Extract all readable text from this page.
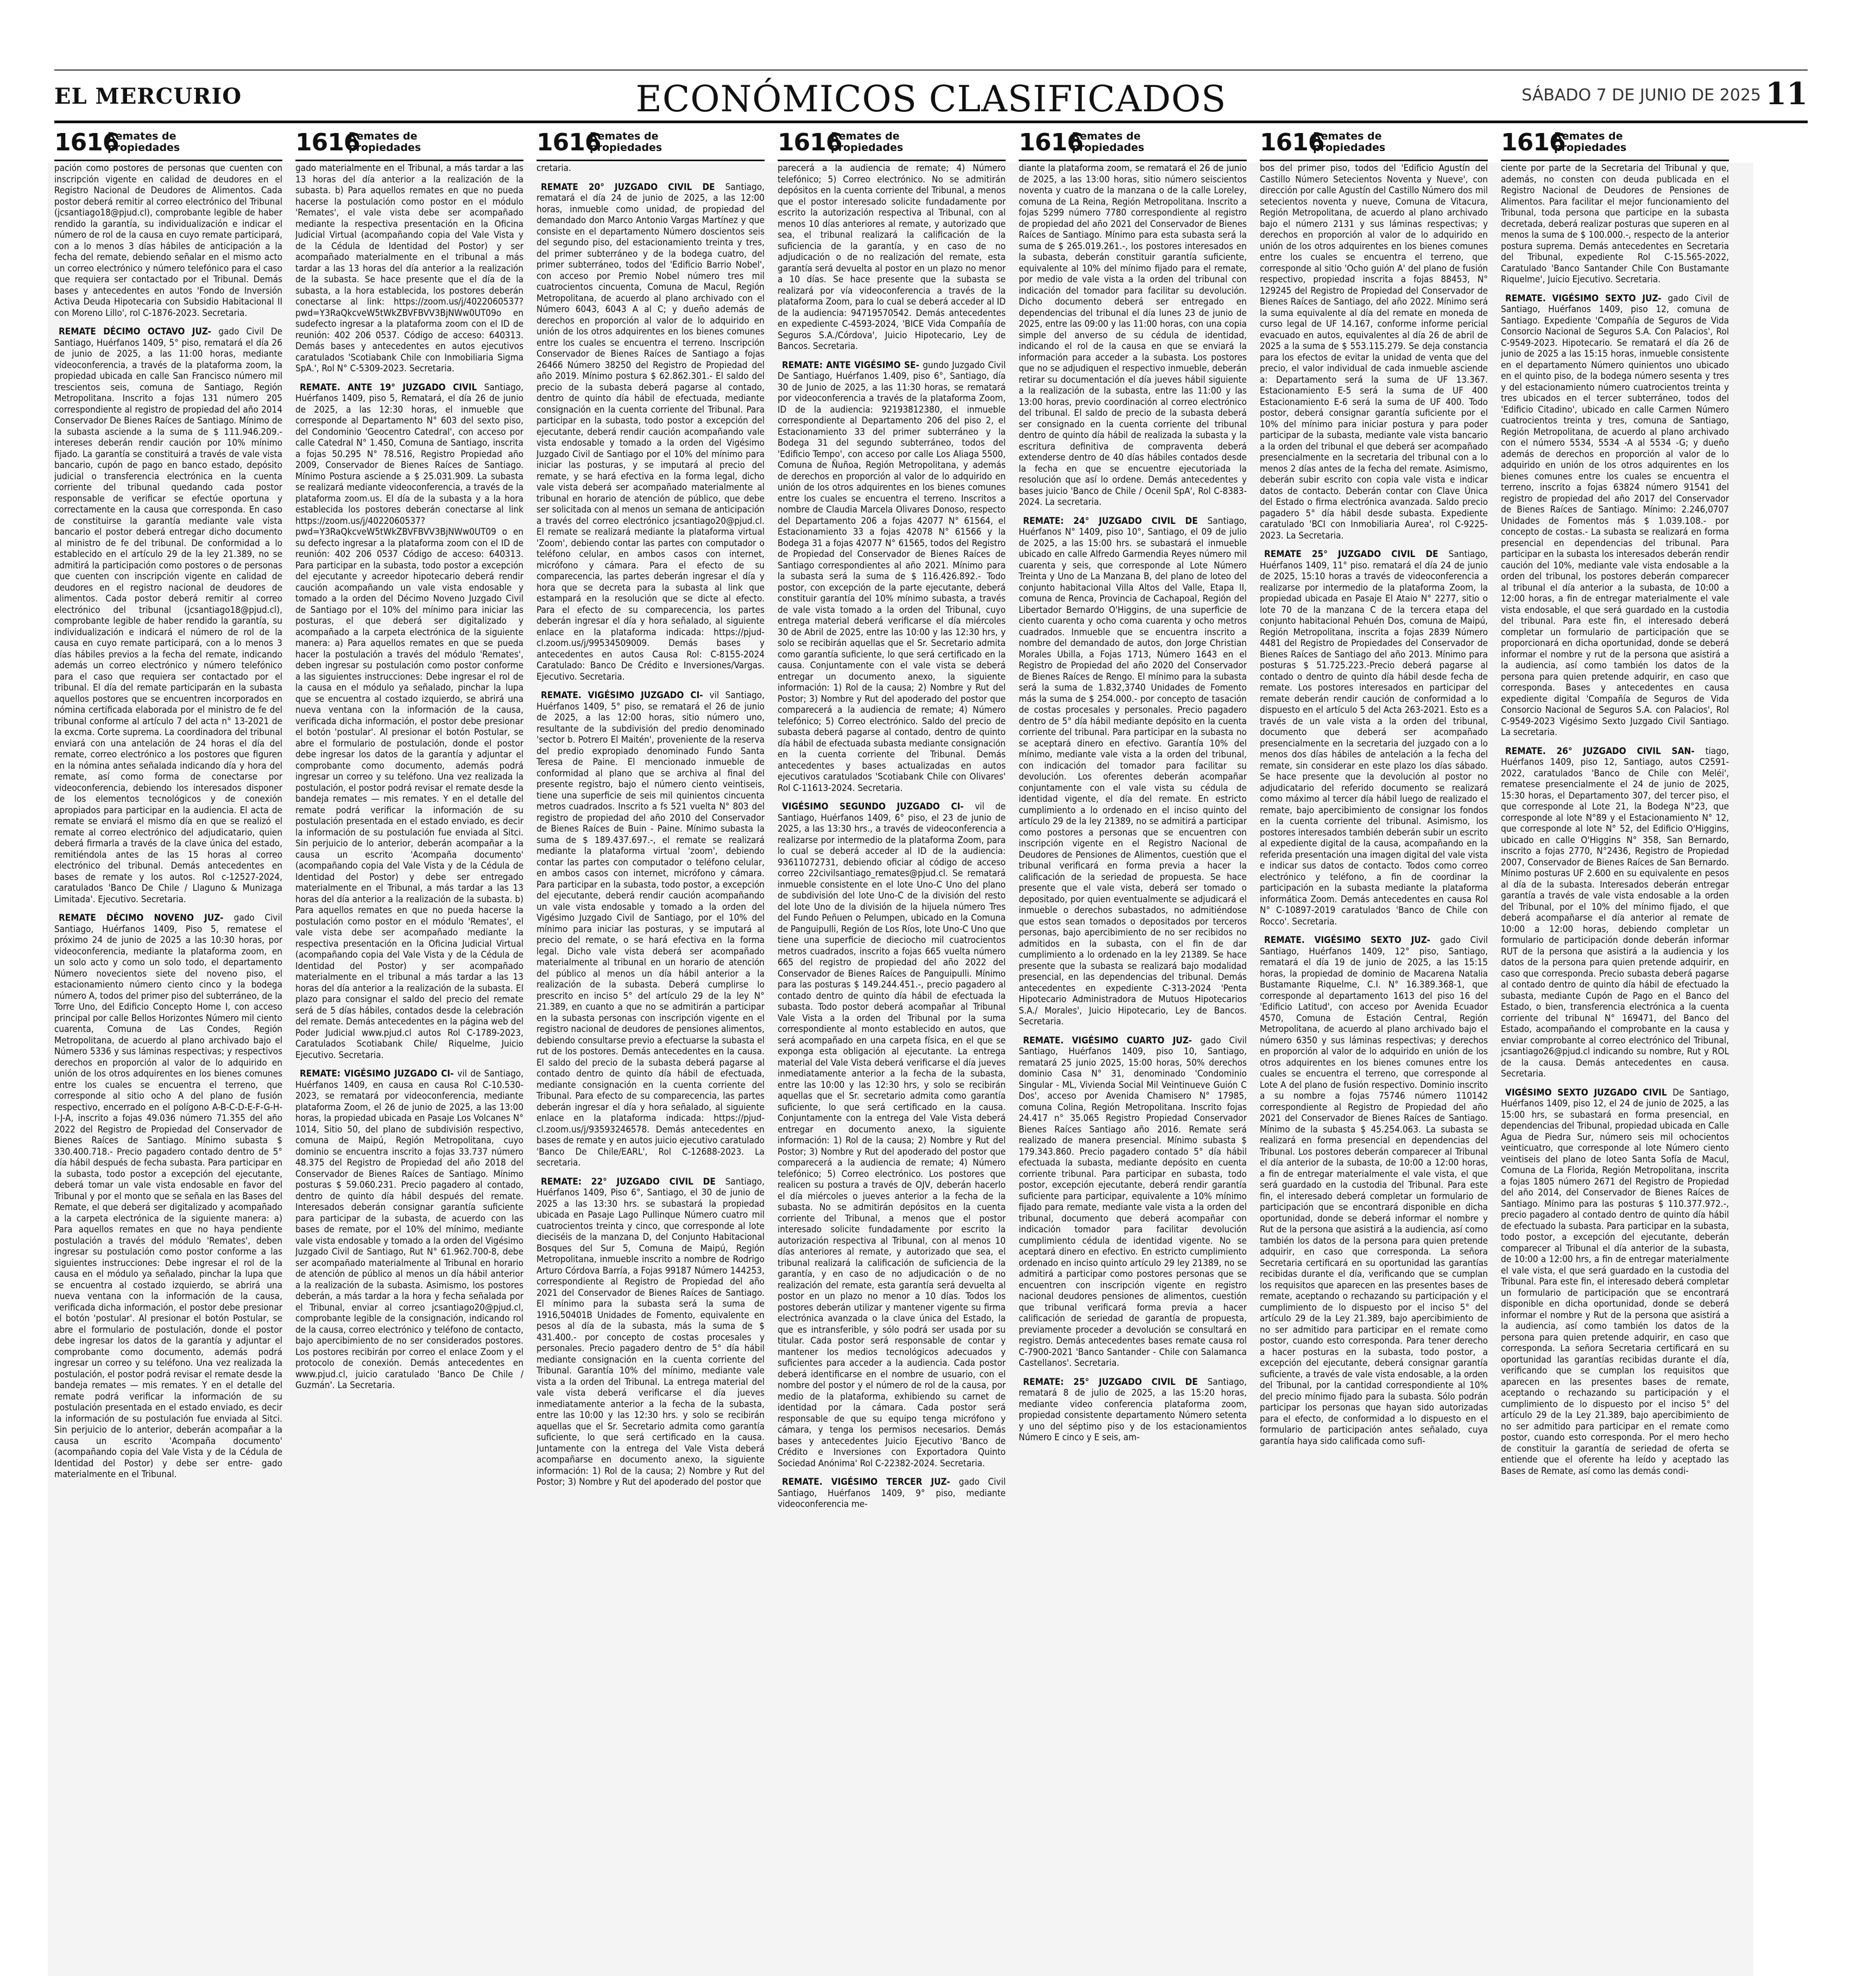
EL MERCURIO	ECONÓMICOS CLASIFICADOS	SÁBADO 7 DE JUNIO DE 2025 11
1616
Remates de
propiedades	1616
Remates de
propiedades	1616
Remates de
propiedades	1616
Remates de
propiedades	1616
Remates de
propiedades	1616
Remates de
propiedades	1616
Remates de
propiedades

pación como postores de personas que cuenten con inscripción vigente en calidad de deudores en el Registro Nacional de Deudores de Alimentos. Cada postor deberá remitir al correo electrónico del Tribunal (jcsantiago18@pjud.cl), comprobante legible de haber rendido la garantía, su individualización e indicar el número de rol de la causa en cuyo remate participará, con a lo menos 3 días hábiles de anticipación a la fecha del remate, debiendo señalar en el mismo acto un correo electrónico y número telefónico para el caso que requiera ser contactado por el Tribunal. Demás bases y antecedentes en autos 'Fondo de Inversión Activa Deuda Hipotecaria con Subsidio Habitacional II con Moreno Lillo', rol C-1876-2023. Secretaria.

REMATE DÉCIMO OCTAVO JUZ- gado Civil De Santiago, Huérfanos 1409, 5° piso, rematará el día 26 de junio de 2025, a las 11:00 horas, mediante videoconferencia, a través de la plataforma zoom, la propiedad ubicada en calle San Francisco número mil trescientos seis, comuna de Santiago, Región Metropolitana. Inscrito a fojas 131 número 205 correspondiente al registro de propiedad del año 2014 Conservador De Bienes Raíces de Santiago. Mínimo de la subasta asciende a la suma de $ 111.946.209.- intereses deberán rendir caución por 10% mínimo fijado. La garantía se constituirá a través de vale vista bancario, cupón de pago en banco estado, depósito judicial o transferencia electrónica en la cuenta corriente del tribunal quedando cada postor responsable de verificar se efectúe oportuna y correctamente en la causa que corresponda. En caso de constituirse la garantía mediante vale vista bancario el postor deberá entregar dicho documento al ministro de fe del tribunal. De conformidad a lo establecido en el artículo 29 de la ley 21.389, no se admitirá la participación como postores o de personas que cuenten con inscripción vigente en calidad de deudores en el registro nacional de deudores de alimentos. Cada postor deberá remitir al correo electrónico del tribunal (jcsantiago18@pjud.cl), comprobante legible de haber rendido la garantía, su individualización e indicará el número de rol de la causa en cuyo remate participará, con a lo menos 3 días hábiles previos a la fecha del remate, indicando además un correo electrónico y número telefónico para el caso que requiera ser contactado por el tribunal. El día del remate participarán en la subasta aquellos postores que se encuentren incorporados en nómina certificada elaborada por el ministro de fe del tribunal conforme al artículo 7 del acta n° 13-2021 de la excma. Corte suprema. La coordinadora del tribunal enviará con una antelación de 24 horas el día del remate, correo electrónico a los postores que figuren en la nómina antes señalada indicando día y hora del remate, así como forma de conectarse por videoconferencia, debiendo los interesados disponer de los elementos tecnológicos y de conexión apropiados para participar en la audiencia. El acta de remate se enviará el mismo día en que se realizó el remate al correo electrónico del adjudicatario, quien deberá firmarla a través de la clave única del estado, remitiéndola antes de las 15 horas al correo electrónico del tribunal. Demás antecedentes en bases de remate y los autos. Rol c-12527-2024, caratulados 'Banco De Chile / Llaguno & Munizaga Limitada'. Ejecutivo. Secretaria.

REMATE DÉCIMO NOVENO JUZ- gado Civil Santiago, Huérfanos 1409, Piso 5, rematese el próximo 24 de junio de 2025 a las 10:30 horas, por videoconferencia, mediante la plataforma zoom, en un solo acto y como un solo todo, el departamento Número novecientos siete del noveno piso, el estacionamiento número ciento cinco y la bodega número A, todos del primer piso del subterráneo, de la Torre Uno, del Edificio Concepto Home I, con acceso principal por calle Bellos Horizontes Número mil ciento cuarenta, Comuna de Las Condes, Región Metropolitana, de acuerdo al plano archivado bajo el Número 5336 y sus láminas respectivas; y respectivos derechos en proporción al valor de lo adquirido en unión de los otros adquirentes en los bienes comunes entre los cuales se encuentra el terreno, que corresponde al sitio ocho A del plano de fusión respectivo, encerrado en el polígono A-B-C-D-E-F-G-H-I-J-A, inscrito a fojas 49.036 número 71.355 del año 2022 del Registro de Propiedad del Conservador de Bienes Raíces de Santiago. Mínimo subasta $ 330.400.718.- Precio pagadero contado dentro de 5° día hábil después de fecha subasta. Para participar en la subasta, todo postor a excepción del ejecutante, deberá tomar un vale vista endosable en favor del Tribunal y por el monto que se señala en las Bases del Remate, el que deberá ser digitalizado y acompañado a la carpeta electrónica de la siguiente manera: a) Para aquellos remates en que no haya pendiente postulación a través del módulo 'Remates', deben ingresar su postulación como postor conforme a las siguientes instrucciones: Debe ingresar el rol de la causa en el módulo ya señalado, pinchar la lupa que se encuentra al costado izquierdo, se abrirá una nueva ventana con la información de la causa, verificada dicha información, el postor debe presionar el botón 'postular'. Al presionar el botón Postular, se abre el formulario de postulación, donde el postor debe ingresar los datos de la garantía y adjuntar el comprobante como documento, además podrá ingresar un correo y su teléfono. Una vez realizada la postulación, el postor podrá revisar el remate desde la bandeja remates — mis remates. Y en el detalle del remate podrá verificar la información de su postulación presentada en el estado enviado, es decir la información de su postulación fue enviada al Sitci. Sin perjuicio de lo anterior, deberán acompañar a la causa un escrito 'Acompaña documento' (acompañando copia del Vale Vista y de la Cédula de Identidad del Postor) y debe ser entre- gado materialmente en el Tribunal.

gado materialmente en el Tribunal, a más tardar a las 13 horas del día anterior a la realización de la subasta. b) Para aquellos remates en que no pueda hacerse la postulación como postor en el módulo 'Remates', el vale vista debe ser acompañado mediante la respectiva presentación en la Oficina Judicial Virtual (acompañando copia del Vale Vista y de la Cédula de Identidad del Postor) y ser acompañado materialmente en el tribunal a más tardar a las 13 horas del día anterior a la realización de la subasta. Se hace presente que el día de la subasta, a la hora establecida, los postores deberán conectarse al link: https://zoom.us/j/4022060537? pwd=Y3RaQkcveW5tWkZBVFBVV3BjNWw0UT09o en sudefecto ingresar a la plataforma zoom con el ID de reunión: 402 206 0537. Código de acceso: 640313. Demás bases y antecedentes en autos ejecutivos caratulados 'Scotiabank Chile con Inmobiliaria Sigma SpA.', Rol N° C-5309-2023. Secretaria.

REMATE. ANTE 19° JUZGADO CIVIL Santiago, Huérfanos 1409, piso 5, Rematará, el día 26 de junio de 2025, a las 12:30 horas, el inmueble que corresponde al Departamento N° 603 del sexto piso, del Condominio 'Geocentro Catedral', con acceso por calle Catedral N° 1.450, Comuna de Santiago, inscrita a fojas 50.295 N° 78.516, Registro Propiedad año 2009, Conservador de Bienes Raíces de Santiago. Mínimo Postura asciende a $ 25.031.909. La subasta se realizará mediante videoconferencia, a través de la plataforma zoom.us. El día de la subasta y a la hora establecida los postores deberán conectarse al link https://zoom.us/j/4022060537? pwd=Y3RaQkcveW5tWkZBVFBVV3BjNWw0UT09 o en su defecto ingresar a la plataforma zoom con el ID de reunión: 402 206 0537 Código de acceso: 640313. Para participar en la subasta, todo postor a excepción del ejecutante y acreedor hipotecario deberá rendir caución acompañando un vale vista endosable y tomado a la orden del Décimo Noveno Juzgado Civil de Santiago por el 10% del mínimo para iniciar las posturas, el que deberá ser digitalizado y acompañado a la carpeta electrónica de la siguiente manera: a) Para aquellos remates en que se pueda hacer la postulación a través del módulo 'Remates', deben ingresar su postulación como postor conforme a las siguientes instrucciones: Debe ingresar el rol de la causa en el módulo ya señalado, pinchar la lupa que se encuentra al costado izquierdo, se abrirá una nueva ventana con la información de la causa, verificada dicha información, el postor debe presionar el botón 'postular'. Al presionar el botón Postular, se abre el formulario de postulación, donde el postor debe ingresar los datos de la garantía y adjuntar el comprobante como documento, además podrá ingresar un correo y su teléfono. Una vez realizada la postulación, el postor podrá revisar el remate desde la bandeja remates — mis remates. Y en el detalle del remate podrá verificar la información de su postulación presentada en el estado enviado, es decir la información de su postulación fue enviada al Sitci. Sin perjuicio de lo anterior, deberán acompañar a la causa un escrito 'Acompaña documento' (acompañando copia del Vale Vista y de la Cédula de Identidad del Postor) y debe ser entregado materialmente en el Tribunal, a más tardar a las 13 horas del día anterior a la realización de la subasta. b) Para aquellos remates en que no pueda hacerse la postulación como postor en el módulo 'Remates', el vale vista debe ser acompañado mediante la respectiva presentación en la Oficina Judicial Virtual (acompañando copia del Vale Vista y de la Cédula de Identidad del Postor) y ser acompañado materialmente en el tribunal a más tardar a las 13 horas del día anterior a la realización de la subasta. El plazo para consignar el saldo del precio del remate será de 5 días hábiles, contados desde la celebración del remate. Demás antecedentes en la página web del Poder Judicial www.pjud.cl autos Rol C-1789-2023, Caratulados Scotiabank Chile/ Riquelme, Juicio Ejecutivo. Secretaria.

REMATE: VIGÉSIMO JUZGADO CI- vil de Santiago, Huérfanos 1409, en causa en causa Rol C-10.530-2023, se rematará por videoconferencia, mediante plataforma Zoom, el 26 de junio de 2025, a las 13:00 horas, la propiedad ubicada en Pasaje Los Volcanes N° 1014, Sitio 50, del plano de subdivisión respectivo, comuna de Maipú, Región Metropolitana, cuyo dominio se encuentra inscrito a fojas 33.737 número 48.375 del Registro de Propiedad del año 2018 del Conservador de Bienes Raíces de Santiago. Mínimo posturas $ 59.060.231. Precio pagadero al contado, dentro de quinto día hábil después del remate. Interesados deberán consignar garantía suficiente para participar de la subasta, de acuerdo con las bases de remate, por el 10% del mínimo, mediante vale vista endosable y tomado a la orden del Vigésimo Juzgado Civil de Santiago, Rut N° 61.962.700-8, debe ser acompañado materialmente al Tribunal en horario de atención de público al menos un día hábil anterior a la realización de la subasta. Asimismo, los postores deberán, a más tardar a la hora y fecha señalada por el Tribunal, enviar al correo jcsantiago20@pjud.cl, comprobante legible de la consignación, indicando rol de la causa, correo electrónico y teléfono de contacto, bajo apercibimiento de no ser considerados postores. Los postores recibirán por correo el enlace Zoom y el protocolo de conexión. Demás antecedentes en www.pjud.cl, juicio caratulado 'Banco De Chile / Guzmán'. La Secretaria.

cretaria.

REMATE 20° JUZGADO CIVIL DE Santiago, rematará el día 24 de junio de 2025, a las 12:00 horas, inmueble como unidad, de propiedad del demandado don Marco Antonio Vargas Martínez y que consiste en el departamento Número doscientos seis del segundo piso, del estacionamiento treinta y tres, del primer subterráneo y de la bodega cuatro, del primer subterráneo, todos del 'Edificio Barrio Nobel', con acceso por Premio Nobel número tres mil cuatrocientos cincuenta, Comuna de Macul, Región Metropolitana, de acuerdo al plano archivado con el Número 6043, 6043 A al C; y dueño además de derechos en proporción al valor de lo adquirido en unión de los otros adquirentes en los bienes comunes entre los cuales se encuentra el terreno. Inscripción Conservador de Bienes Raíces de Santiago a fojas 26466 Número 38250 del Registro de Propiedad del año 2019. Mínimo postura $ 62.862.301.- El saldo del precio de la subasta deberá pagarse al contado, dentro de quinto día hábil de efectuada, mediante consignación en la cuenta corriente del Tribunal. Para participar en la subasta, todo postor a excepción del ejecutante, deberá rendir caución acompañando vale vista endosable y tomado a la orden del Vigésimo Juzgado Civil de Santiago por el 10% del mínimo para iniciar las posturas, y se imputará al precio del remate, y se hará efectiva en la forma legal, dicho vale vista deberá ser acompañado materialmente al tribunal en horario de atención de público, que debe ser solicitada con al menos un semana de anticipación a través del correo electrónico jcsantiago20@pjud.cl. El remate se realizará mediante la plataforma virtual 'Zoom', debiendo contar las partes con computador o teléfono celular, en ambos casos con internet, micrófono y cámara. Para el efecto de su comparecencia, las partes deberán ingresar el día y hora que se decreta para la subasta al link que estampará en la resolución que se dicte al efecto. Para el efecto de su comparecencia, los partes deberán ingresar el día y hora señalado, al siguiente enlace en la plataforma indicada: https://pjud-cl.zoom.us/j/99534509009. Demás bases y antecedentes en autos Causa Rol: C-8155-2024 Caratulado: Banco De Crédito e Inversiones/Vargas. Ejecutivo. Secretaria.

REMATE. VIGÉSIMO JUZGADO CI- vil Santiago, Huérfanos 1409, 5° piso, se rematará el 26 de junio de 2025, a las 12:00 horas, sitio número uno, resultante de la subdivisión del predio denominado 'sector b. Potrero El Maitén', proveniente de la reserva del predio expropiado denominado Fundo Santa Teresa de Paine. El mencionado inmueble de conformidad al plano que se archiva al final del presente registro, bajo el número ciento veintiseis, tiene una superficie de seis mil quinientos cincuenta metros cuadrados. Inscrito a fs 521 vuelta N° 803 del registro de propiedad del año 2010 del Conservador de Bienes Raíces de Buin - Paine. Mínimo subasta la suma de $ 189.437.697.-, el remate se realizará mediante la plataforma virtual 'zoom', debiendo contar las partes con computador o teléfono celular, en ambos casos con internet, micrófono y cámara. Para participar en la subasta, todo postor, a excepción del ejecutante, deberá rendir caución acompañando un vale vista endosable y tomado a la orden del Vigésimo Juzgado Civil de Santiago, por el 10% del mínimo para iniciar las posturas, y se imputará al precio del remate, o se hará efectiva en la forma legal. Dicho vale vista deberá ser acompañado materialmente al tribunal en un horario de atención del público al menos un día hábil anterior a la realización de la subasta. Deberá cumplirse lo prescrito en inciso 5° del artículo 29 de la ley N° 21.389, en cuanto a que no se admitirán a participar en la subasta personas con inscripción vigente en el registro nacional de deudores de pensiones alimentos, debiendo consultarse previo a efectuarse la subasta el rut de los postores. Demás antecedentes en la causa. El saldo del precio de la subasta deberá pagarse al contado dentro de quinto día hábil de efectuada, mediante consignación en la cuenta corriente del Tribunal. Para efecto de su comparecencia, las partes deberán ingresar el día y hora señalado, al siguiente enlace en la plataforma indicada: https://pjud-cl.zoom.us/j/93593246578. Demás antecedentes en bases de remate y en autos juicio ejecutivo caratulado 'Banco De Chile/EARL', Rol C-12688-2023. La secretaria.

REMATE: 22° JUZGADO CIVIL DE Santiago, Huérfanos 1409, Piso 6°, Santiago, el 30 de junio de 2025 a las 13:30 hrs. se subastará la propiedad ubicada en Pasaje Lago Pullinque Número cuatro mil cuatrocientos treinta y cinco, que corresponde al lote dieciséis de la manzana D, del Conjunto Habitacional Bosques del Sur 5, Comuna de Maipú, Región Metropolitana, inmueble inscrito a nombre de Rodrigo Arturo Córdova Barría, a Fojas 99187 Número 144253, correspondiente al Registro de Propiedad del año 2021 del Conservador de Bienes Raíces de Santiago. El mínimo para la subasta será la suma de 1916,50401B Unidades de Fomento, equivalente en pesos al día de la subasta, más la suma de $ 431.400.- por concepto de costas procesales y personales. Precio pagadero dentro de 5° día hábil mediante consignación en la cuenta corriente del Tribunal. Garantía 10% del mínimo, mediante vale vista a la orden del Tribunal. La entrega material del vale vista deberá verificarse el día jueves inmediatamente anterior a la fecha de la subasta, entre las 10:00 y las 12:30 hrs. y solo se recibirán aquellas que el Sr. Secretario admita como garantía suficiente, lo que será certificado en la causa. Juntamente con la entrega del Vale Vista deberá acompañarse en documento anexo, la siguiente información: 1) Rol de la causa; 2) Nombre y Rut del Postor; 3) Nombre y Rut del apoderado del postor que

parecerá a la audiencia de remate; 4) Número telefónico; 5) Correo electrónico. No se admitirán depósitos en la cuenta corriente del Tribunal, a menos que el postor interesado solicite fundadamente por escrito la autorización respectiva al Tribunal, con al menos 10 días anteriores al remate, y autorizado que sea, el tribunal realizará la calificación de la suficiencia de la garantía, y en caso de no adjudicación o de no realización del remate, esta garantía será devuelta al postor en un plazo no menor a 10 días. Se hace presente que la subasta se realizará por vía videoconferencia a través de la plataforma Zoom, para lo cual se deberá acceder al ID de la audiencia: 94719570542. Demás antecedentes en expediente C-4593-2024, 'BICE Vida Compañía de Seguros S.A./Córdova', Juicio Hipotecario, Ley de Bancos. Secretaria.

REMATE: ANTE VIGÉSIMO SE- gundo Juzgado Civil De Santiago, Huérfanos 1.409, piso 6°, Santiago, día 30 de Junio de 2025, a las 11:30 horas, se rematará por videoconferencia a través de la plataforma Zoom, ID de la audiencia: 92193812380, el inmueble correspondiente al Departamento 206 del piso 2, el Estacionamiento 33 del primer subterráneo y la Bodega 31 del segundo subterráneo, todos del 'Edificio Tempo', con acceso por calle Los Aliaga 5500, Comuna de Ñuñoa, Región Metropolitana, y además de derechos en proporción al valor de lo adquirido en unión de los otros adquirentes en los bienes comunes entre los cuales se encuentra el terreno. Inscritos a nombre de Claudia Marcela Olivares Donoso, respecto del Departamento 206 a fojas 42077 N° 61564, el Estacionamiento 33 a fojas 42078 N° 61566 y la Bodega 31 a fojas 42077 N° 61565, todos del Registro de Propiedad del Conservador de Bienes Raíces de Santiago correspondientes al año 2021. Mínimo para la subasta será la suma de $ 116.426.892.- Todo postor, con excepción de la parte ejecutante, deberá constituir garantía del 10% mínimo subasta, a través de vale vista tomado a la orden del Tribunal, cuyo entrega material deberá verificarse el día miércoles 30 de Abril de 2025, entre las 10:00 y las 12:30 hrs, y solo se recibirán aquellas que el Sr. Secretario admita como garantía suficiente, lo que será certificado en la causa. Conjuntamente con el vale vista se deberá entregar un documento anexo, la siguiente información: 1) Rol de la causa; 2) Nombre y Rut del Postor; 3) Nombre y Rut del apoderado del postor que comparecerá a la audiencia de remate; 4) Número telefónico; 5) Correo electrónico. Saldo del precio de subasta deberá pagarse al contado, dentro de quinto día hábil de efectuada subasta mediante consignación en la cuenta corriente del Tribunal. Demás antecedentes y bases actualizadas en autos ejecutivos caratulados 'Scotiabank Chile con Olivares' Rol C-11613-2024. Secretaria.

VIGÉSIMO SEGUNDO JUZGADO CI- vil de Santiago, Huérfanos 1409, 6° piso, el 23 de junio de 2025, a las 13:30 hrs., a través de videoconferencia a realizarse por intermedio de la plataforma Zoom, para lo cual se deberá acceder al ID de la audiencia: 93611072731, debiendo oficiar al código de acceso correo 22civilsantiago_remates@pjud.cl. Se rematará inmueble consistente en el lote Uno-C Uno del plano de subdivisión del lote Uno-C de la división del resto del lote Uno de la división de la hijuela número Tres del Fundo Peñuen o Pelumpen, ubicado en la Comuna de Panguipulli, Región de Los Ríos, lote Uno-C Uno que tiene una superficie de dieciocho mil cuatrocientos metros cuadrados, inscrito a fojas 665 vuelta número 665 del registro de propiedad del año 2022 del Conservador de Bienes Raíces de Panguipulli. Mínimo para las posturas $ 149.244.451.-, precio pagadero al contado dentro de quinto día hábil de efectuada la subasta. Todo postor deberá acompañar al Tribunal Vale Vista a la orden del Tribunal por la suma correspondiente al monto establecido en autos, que será acompañado en una carpeta física, en el que se exponga esta obligación al ejecutante. La entrega material del Vale Vista deberá verificarse el día jueves inmediatamente anterior a la fecha de la subasta, entre las 10:00 y las 12:30 hrs, y solo se recibirán aquellas que el Sr. secretario admita como garantía suficiente, lo que será certificado en la causa. Conjuntamente con la entrega del Vale Vista deberá entregar en documento anexo, la siguiente información: 1) Rol de la causa; 2) Nombre y Rut del Postor; 3) Nombre y Rut del apoderado del postor que comparecerá a la audiencia de remate; 4) Número telefónico; 5) Correo electrónico. Los postores que realicen su postura a través de OJV, deberán hacerlo el día miércoles o jueves anterior a la fecha de la subasta. No se admitirán depósitos en la cuenta corriente del Tribunal, a menos que el postor interesado solicite fundadamente por escrito la autorización respectiva al Tribunal, con al menos 10 días anteriores al remate, y autorizado que sea, el tribunal realizará la calificación de suficiencia de la garantía, y en caso de no adjudicación o de no realización del remate, esta garantía será devuelta al postor en un plazo no menor a 10 días. Todos los postores deberán utilizar y mantener vigente su firma electrónica avanzada o la clave única del Estado, la que es intransferible, y sólo podrá ser usada por su titular. Cada postor será responsable de contar y mantener los medios tecnológicos adecuados y suficientes para acceder a la audiencia. Cada postor deberá identificarse en el nombre de usuario, con el nombre del postor y el número de rol de la causa, por medio de la plataforma, exhibiendo su carnet de identidad por la cámara. Cada postor será responsable de que su equipo tenga micrófono y cámara, y tenga los permisos necesarios. Demás bases y antecedentes Juicio Ejecutivo 'Banco de Crédito e Inversiones con Exportadora Quinto Sociedad Anónima' Rol C-22382-2024. Secretaria.

REMATE. VIGÉSIMO TERCER JUZ- gado Civil Santiago, Huérfanos 1409, 9° piso, mediante videoconferencia me-

diante la plataforma zoom, se rematará el 26 de junio de 2025, a las 13:00 horas, sitio número seiscientos noventa y cuatro de la manzana o de la calle Loreley, comuna de La Reina, Región Metropolitana. Inscrito a fojas 5299 número 7780 correspondiente al registro de propiedad del año 2021 del Conservador de Bienes Raíces de Santiago. Mínimo para esta subasta será la suma de $ 265.019.261.-, los postores interesados en la subasta, deberán constituir garantía suficiente, equivalente al 10% del mínimo fijado para el remate, por medio de vale vista a la orden del tribunal con indicación del tomador para facilitar su devolución. Dicho documento deberá ser entregado en dependencias del tribunal el día lunes 23 de junio de 2025, entre las 09:00 y las 11:00 horas, con una copia simple del anverso de su cédula de identidad, indicando el rol de la causa en que se enviará la información para acceder a la subasta. Los postores que no se adjudiquen el respectivo inmueble, deberán retirar su documentación el día jueves hábil siguiente a la realización de la subasta, entre las 11:00 y las 13:00 horas, previo coordinación al correo electrónico del tribunal. El saldo de precio de la subasta deberá ser consignado en la cuenta corriente del tribunal dentro de quinto día hábil de realizada la subasta y la escritura definitiva de compraventa deberá extenderse dentro de 40 días hábiles contados desde la fecha en que se encuentre ejecutoriada la resolución que así lo ordene. Demás antecedentes y bases juicio 'Banco de Chile / Ocenil SpA', Rol C-8383-2024. La secretaria.

REMATE: 24° JUZGADO CIVIL DE Santiago, Huérfanos N° 1409, piso 10°, Santiago, el 09 de julio de 2025, a las 15:00 hrs. se subastará el inmueble ubicado en calle Alfredo Garmendia Reyes número mil cuarenta y seis, que corresponde al Lote Número Treinta y Uno de La Manzana B, del plano de loteo del conjunto habitacional Villa Altos del Valle, Etapa II, comuna de Renca, Provincia de Cachapoal, Región del Libertador Bernardo O'Higgins, de una superficie de ciento cuarenta y ocho coma cuarenta y ocho metros cuadrados. Inmueble que se encuentra inscrito a nombre del demandado de autos, don Jorge Christian Morales Ubilla, a Fojas 1713, Número 1643 en el Registro de Propiedad del año 2020 del Conservador de Bienes Raíces de Rengo. El mínimo para la subasta será la suma de 1.832,3740 Unidades de Fomento más la suma de $ 254.000.- por concepto de tasación de costas procesales y personales. Precio pagadero dentro de 5° día hábil mediante depósito en la cuenta corriente del tribunal. Para participar en la subasta no se aceptará dinero en efectivo. Garantía 10% del mínimo, mediante vale vista a la orden del tribunal, con indicación del tomador para facilitar su devolución. Los oferentes deberán acompañar conjuntamente con el vale vista su cédula de identidad vigente, el día del remate. En estricto cumplimiento a lo ordenado en el inciso quinto del artículo 29 de la ley 21389, no se admitirá a participar como postores a personas que se encuentren con inscripción vigente en el Registro Nacional de Deudores de Pensiones de Alimentos, cuestión que el tribunal verificará en forma previa a hacer la calificación de la seriedad de propuesta. Se hace presente que el vale vista, deberá ser tomado o depositado, por quien eventualmente se adjudicará el inmueble o derechos subastados, no admitiéndose que estos sean tomados o depositados por terceros personas, bajo apercibimiento de no ser recibidos no admitidos en la subasta, con el fin de dar cumplimiento a lo ordenado en la ley 21389. Se hace presente que la subasta se realizará bajo modalidad presencial, en las dependencias del tribunal. Demás antecedentes en expediente C-313-2024 'Penta Hipotecario Administradora de Mutuos Hipotecarios S.A./ Morales', Juicio Hipotecario, Ley de Bancos. Secretaria.

REMATE. VIGÉSIMO CUARTO JUZ- gado Civil Santiago, Huérfanos 1409, piso 10, Santiago, rematará 25 junio 2025, 15:00 horas, 50% derechos dominio Casa N° 31, denominado 'Condominio Singular - ML, Vivienda Social Mil Veintinueve Guión C Dos', acceso por Avenida Chamisero N° 17985, comuna Colina, Región Metropolitana. Inscrito fojas 24.417 n° 35.065 Registro Propiedad Conservador Bienes Raíces Santiago año 2016. Remate será realizado de manera presencial. Mínimo subasta $ 179.343.860. Precio pagadero contado 5° día hábil efectuada la subasta, mediante depósito en cuenta corriente tribunal. Para participar en subasta, todo postor, excepción ejecutante, deberá rendir garantía suficiente para participar, equivalente a 10% mínimo fijado para remate, mediante vale vista a la orden del tribunal, documento que deberá acompañar con indicación tomador para facilitar devolución cumplimiento cédula de identidad vigente. No se aceptará dinero en efectivo. En estricto cumplimiento ordenado en inciso quinto artículo 29 ley 21389, no se admitirá a participar como postores personas que se encuentren con inscripción vigente en registro nacional deudores pensiones de alimentos, cuestión que tribunal verificará forma previa a hacer calificación de seriedad de garantía de propuesta, previamente proceder a devolución se consultará en registro. Demás antecedentes bases remate causa rol C-7900-2021 'Banco Santander - Chile con Salamanca Castellanos'. Secretaria.

REMATE: 25° JUZGADO CIVIL DE Santiago, rematará 8 de julio de 2025, a las 15:20 horas, mediante video conferencia plataforma zoom, propiedad consistente departamento Número setenta y uno del séptimo piso y de los estacionamientos Número E cinco y E seis, am-

bos del primer piso, todos del 'Edificio Agustín del Castillo Número Setecientos Noventa y Nueve', con dirección por calle Agustín del Castillo Número dos mil setecientos noventa y nueve, Comuna de Vitacura, Región Metropolitana, de acuerdo al plano archivado bajo el número 2131 y sus láminas respectivas; y derechos en proporción al valor de lo adquirido en unión de los otros adquirentes en los bienes comunes entre los cuales se encuentra el terreno, que corresponde al sitio 'Ocho guión A' del plano de fusión respectivo, propiedad inscrita a fojas 88453, N° 129245 del Registro de Propiedad del Conservador de Bienes Raíces de Santiago, del año 2022. Mínimo será la suma equivalente al día del remate en moneda de curso legal de UF 14.167, conforme informe pericial evacuado en autos, equivalentes al día 26 de abril de 2025 a la suma de $ 553.115.279. Se deja constancia para los efectos de evitar la unidad de venta que del precio, el valor individual de cada inmueble asciende a: Departamento será la suma de UF 13.367. Estacionamiento E-5 será la suma de UF 400 Estacionamiento E-6 será la suma de UF 400. Todo postor, deberá consignar garantía suficiente por el 10% del mínimo para iniciar postura y para poder participar de la subasta, mediante vale vista bancario a la orden del tribunal el que deberá ser acompañado presencialmente en la secretaria del tribunal con a lo menos 2 días antes de la fecha del remate. Asimismo, deberán subir escrito con copia vale vista e indicar datos de contacto. Deberán contar con Clave Única del Estado o firma electrónica avanzada. Saldo precio pagadero 5° día hábil desde subasta. Expediente caratulado 'BCI con Inmobiliaria Aurea', rol C-9225-2023. La Secretaria.

REMATE 25° JUZGADO CIVIL DE Santiago, Huérfanos 1409, 11° piso. rematará el día 24 de junio de 2025, 15:10 horas a través de videoconferencia a realizarse por intermedio de la plataforma Zoom, la propiedad ubicada en Pasaje El Ataio N° 2277, sitio o lote 70 de la manzana C de la tercera etapa del conjunto habitacional Pehuén Dos, comuna de Maipú, Región Metropolitana, inscrita a fojas 2839 Número 4481 del Registro de Propiedades del Conservador de Bienes Raíces de Santiago del año 2013. Mínimo para posturas $ 51.725.223.-Precio deberá pagarse al contado o dentro de quinto día hábil desde fecha de remate. Los postores interesados en participar del remate deberán rendir caución de conformidad a lo dispuesto en el artículo 5 del Acta 263-2021. Esto es a través de un vale vista a la orden del tribunal, documento que deberá ser acompañado presencialmente en la secretaria del juzgado con a lo menos dos días hábiles de antelación a la fecha del remate, sin considerar en este plazo los días sábado. Se hace presente que la devolución al postor no adjudicatario del referido documento se realizará como máximo al tercer día hábil luego de realizado el remate, bajo apercibimiento de consignar los fondos en la cuenta corriente del tribunal. Asimismo, los postores interesados también deberán subir un escrito al expediente digital de la causa, acompañando en la referida presentación una imagen digital del vale vista e indicar sus datos de contacto. Todos como correo electrónico y teléfono, a fin de coordinar la participación en la subasta mediante la plataforma informática Zoom. Demás antecedentes en causa Rol N° C-10897-2019 caratulados 'Banco de Chile con Rocco'. Secretaria.

REMATE. VIGÉSIMO SEXTO JUZ- gado Civil Santiago, Huérfanos 1409, 12° piso, Santiago, rematará el día 19 de junio de 2025, a las 15:15 horas, la propiedad de dominio de Macarena Natalia Bustamante Riquelme, C.I. N° 16.389.368-1, que corresponde al departamento 1613 del piso 16 del 'Edificio Latitud', con acceso por Avenida Ecuador 4570, Comuna de Estación Central, Región Metropolitana, de acuerdo al plano archivado bajo el número 6350 y sus láminas respectivas; y derechos en proporción al valor de lo adquirido en unión de los otros adquirentes en los bienes comunes entre los cuales se encuentra el terreno, que corresponde al Lote A del plano de fusión respectivo. Dominio inscrito a su nombre a fojas 75746 número 110142 correspondiente al Registro de Propiedad del año 2021 del Conservador de Bienes Raíces de Santiago. Mínimo de la subasta $ 45.254.063. La subasta se realizará en forma presencial en dependencias del Tribunal. Los postores deberán comparecer al Tribunal el día anterior de la subasta, de 10:00 a 12:00 horas, a fin de entregar materialmente el vale vista, el que será guardado en la custodia del Tribunal. Para este fin, el interesado deberá completar un formulario de participación que se encontrará disponible en dicha oportunidad, donde se deberá informar el nombre y Rut de la persona que asistirá a la audiencia, así como también los datos de la persona para quien pretende adquirir, en caso que corresponda. La señora Secretaria certificará en su oportunidad las garantías recibidas durante el día, verificando que se cumplan los requisitos que aparecen en las presentes bases de remate, aceptando o rechazando su participación y el cumplimiento de lo dispuesto por el inciso 5° del artículo 29 de la Ley 21.389, bajo apercibimiento de no ser admitido para participar en el remate como postor, cuando esto corresponda. Para tener derecho a hacer posturas en la subasta, todo postor, a excepción del ejecutante, deberá consignar garantía suficiente, a través de vale vista endosable, a la orden del Tribunal, por la cantidad correspondiente al 10% del precio mínimo fijado para la subasta. Sólo podrán participar los personas que hayan sido autorizadas para el efecto, de conformidad a lo dispuesto en el formulario de participación antes señalado, cuya garantía haya sido calificada como sufi-

ciente por parte de la Secretaria del Tribunal y que, además, no consten con deuda publicada en el Registro Nacional de Deudores de Pensiones de Alimentos. Para facilitar el mejor funcionamiento del Tribunal, toda persona que participe en la subasta decretada, deberá realizar posturas que superen en al menos la suma de $ 100.000.-, respecto de la anterior postura suprema. Demás antecedentes en Secretaria del Tribunal, expediente Rol C-15.565-2022, Caratulado 'Banco Santander Chile Con Bustamante Riquelme', Juicio Ejecutivo. Secretaria.

REMATE. VIGÉSIMO SEXTO JUZ- gado Civil de Santiago, Huérfanos 1409, piso 12, comuna de Santiago. Expediente 'Compañía de Seguros de Vida Consorcio Nacional de Seguros S.A. Con Palacios', Rol C-9549-2023. Hipotecario. Se rematará el día 26 de junio de 2025 a las 15:15 horas, inmueble consistente en el departamento Número quinientos uno ubicado en el quinto piso, de la bodega número sesenta y tres y del estacionamiento número cuatrocientos treinta y tres ubicados en el tercer subterráneo, todos del 'Edificio Citadino', ubicado en calle Carmen Número cuatrocientos treinta y tres, comuna de Santiago, Región Metropolitana, de acuerdo al plano archivado con el número 5534, 5534 -A al 5534 -G; y dueño además de derechos en proporción al valor de lo adquirido en unión de los otros adquirentes en los bienes comunes entre los cuales se encuentra el terreno, inscrito a fojas 63824 número 91541 del registro de propiedad del año 2017 del Conservador de Bienes Raíces de Santiago. Mínimo: 2.246,0707 Unidades de Fomentos más $ 1.039.108.- por concepto de costas.- La subasta se realizará en forma presencial en dependencias del tribunal. Para participar en la subasta los interesados deberán rendir caución del 10%, mediante vale vista endosable a la orden del tribunal, los postores deberán comparecer al tribunal el día anterior a la subasta, de 10:00 a 12:00 horas, a fin de entregar materialmente el vale vista endosable, el que será guardado en la custodia del tribunal. Para este fin, el interesado deberá completar un formulario de participación que se proporcionará en dicha oportunidad, donde se deberá informar el nombre y rut de la persona que asistirá a la audiencia, así como también los datos de la persona para quien pretende adquirir, en caso que corresponda. Bases y antecedentes en causa expediente digital 'Compañía de Seguros de Vida Consorcio Nacional de Seguros S.A. con Palacios', Rol C-9549-2023 Vigésimo Sexto Juzgado Civil Santiago. La secretaria.

REMATE. 26° JUZGADO CIVIL SAN- tiago, Huérfanos 1409, piso 12, Santiago, autos C2591-2022, caratulados 'Banco de Chile con Meléi', rematese presencialmente el 24 de junio de 2025, 15:30 horas, el Departamento 307, del tercer piso, el que corresponde al Lote 21, la Bodega N°23, que corresponde al lote N°89 y el Estacionamiento N° 12, que corresponde al lote N° 52, del Edificio O'Higgins, ubicado en calle O'Higgins N° 358, San Bernardo, inscrito a fojas 2770, N°2436, Registro de Propiedad 2007, Conservador de Bienes Raíces de San Bernardo. Mínimo posturas UF 2.600 en su equivalente en pesos al día de la subasta. Interesados deberán entregar garantía a través de vale vista endosable a la orden del Tribunal, por el 10% del mínimo fijado, el que deberá acompañarse el día anterior al remate de 10:00 a 12:00 horas, debiendo completar un formulario de participación donde deberán informar RUT de la persona que asistirá a la audiencia y los datos de la persona para quien pretende adquirir, en caso que corresponda. Precio subasta deberá pagarse al contado dentro de quinto día hábil de efectuado la subasta, mediante Cupón de Pago en el Banco del Estado, o bien, transferencia electrónica a la cuenta corriente del tribunal N° 169471, del Banco del Estado, acompañando el comprobante en la causa y enviar comprobante al correo electrónico del Tribunal, jcsantiago26@pjud.cl indicando su nombre, Rut y ROL de la causa. Demás antecedentes en causa. Secretaria.

VIGÉSIMO SEXTO JUZGADO CIVIL De Santiago, Huérfanos 1409, piso 12, el 24 de junio de 2025, a las 15:00 hrs, se subastará en forma presencial, en dependencias del Tribunal, propiedad ubicada en Calle Agua de Piedra Sur, número seis mil ochocientos veinticuatro, que corresponde al lote Número ciento veintiseis del plano de loteo Santa Sofía de Macul, Comuna de La Florida, Región Metropolitana, inscrita a fojas 1805 número 2671 del Registro de Propiedad del año 2014, del Conservador de Bienes Raíces de Santiago. Mínimo para las posturas $ 110.377.972.-, precio pagadero al contado dentro de quinto día hábil de efectuado la subasta. Para participar en la subasta, todo postor, a excepción del ejecutante, deberán comparecer al Tribunal el día anterior de la subasta, de 10:00 a 12:00 hrs, a fin de entregar materialmente el vale vista, el que será guardado en la custodia del Tribunal. Para este fin, el interesado deberá completar un formulario de participación que se encontrará disponible en dicha oportunidad, donde se deberá informar el nombre y Rut de la persona que asistirá a la audiencia, así como también los datos de la persona para quien pretende adquirir, en caso que corresponda. La señora Secretaria certificará en su oportunidad las garantías recibidas durante el día, verificando que se cumplan los requisitos que aparecen en las presentes bases de remate, aceptando o rechazando su participación y el cumplimiento de lo dispuesto por el inciso 5° del artículo 29 de la Ley 21.389, bajo apercibimiento de no ser admitido para participar en el remate como postor, cuando esto corresponda. Por el mero hecho de constituir la garantía de seriedad de oferta se entiende que el oferente ha leído y aceptado las Bases de Remate, así como las demás condi-
